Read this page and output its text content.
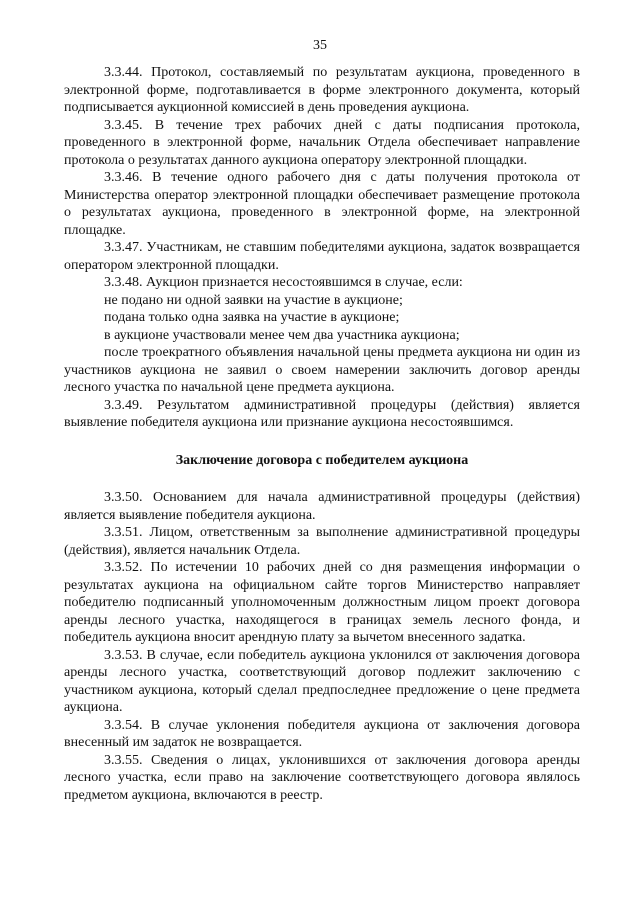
35

3.3.44. Протокол, составляемый по результатам аукциона, проведенного в электронной форме, подготавливается в форме электронного документа, который подписывается аукционной комиссией в день проведения аукциона.

3.3.45. В течение трех рабочих дней с даты подписания протокола, проведенного в электронной форме, начальник Отдела обеспечивает направление протокола о результатах данного аукциона оператору электронной площадки.

3.3.46. В течение одного рабочего дня с даты получения протокола от Министерства оператор электронной площадки обеспечивает размещение протокола о результатах аукциона, проведенного в электронной форме, на электронной площадке.

3.3.47. Участникам, не ставшим победителями аукциона, задаток возвращается оператором электронной площадки.

3.3.48. Аукцион признается несостоявшимся в случае, если:

не подано ни одной заявки на участие в аукционе;

подана только одна заявка на участие в аукционе;

в аукционе участвовали менее чем два участника аукциона;

после троекратного объявления начальной цены предмета аукциона ни один из участников аукциона не заявил о своем намерении заключить договор аренды лесного участка по начальной цене предмета аукциона.

3.3.49. Результатом административной процедуры (действия) является выявление победителя аукциона или признание аукциона несостоявшимся.

Заключение договора с победителем аукциона

3.3.50. Основанием для начала административной процедуры (действия) является выявление победителя аукциона.

3.3.51. Лицом, ответственным за выполнение административной процедуры (действия), является начальник Отдела.

3.3.52. По истечении 10 рабочих дней со дня размещения информации о результатах аукциона на официальном сайте торгов Министерство направляет победителю подписанный уполномоченным должностным лицом проект договора аренды лесного участка, находящегося в границах земель лесного фонда, и победитель аукциона вносит арендную плату за вычетом внесенного задатка.

3.3.53. В случае, если победитель аукциона уклонился от заключения договора аренды лесного участка, соответствующий договор подлежит заключению с участником аукциона, который сделал предпоследнее предложение о цене предмета аукциона.

3.3.54. В случае уклонения победителя аукциона от заключения договора внесенный им задаток не возвращается.

3.3.55. Сведения о лицах, уклонившихся от заключения договора аренды лесного участка, если право на заключение соответствующего договора являлось предметом аукциона, включаются в реестр.
